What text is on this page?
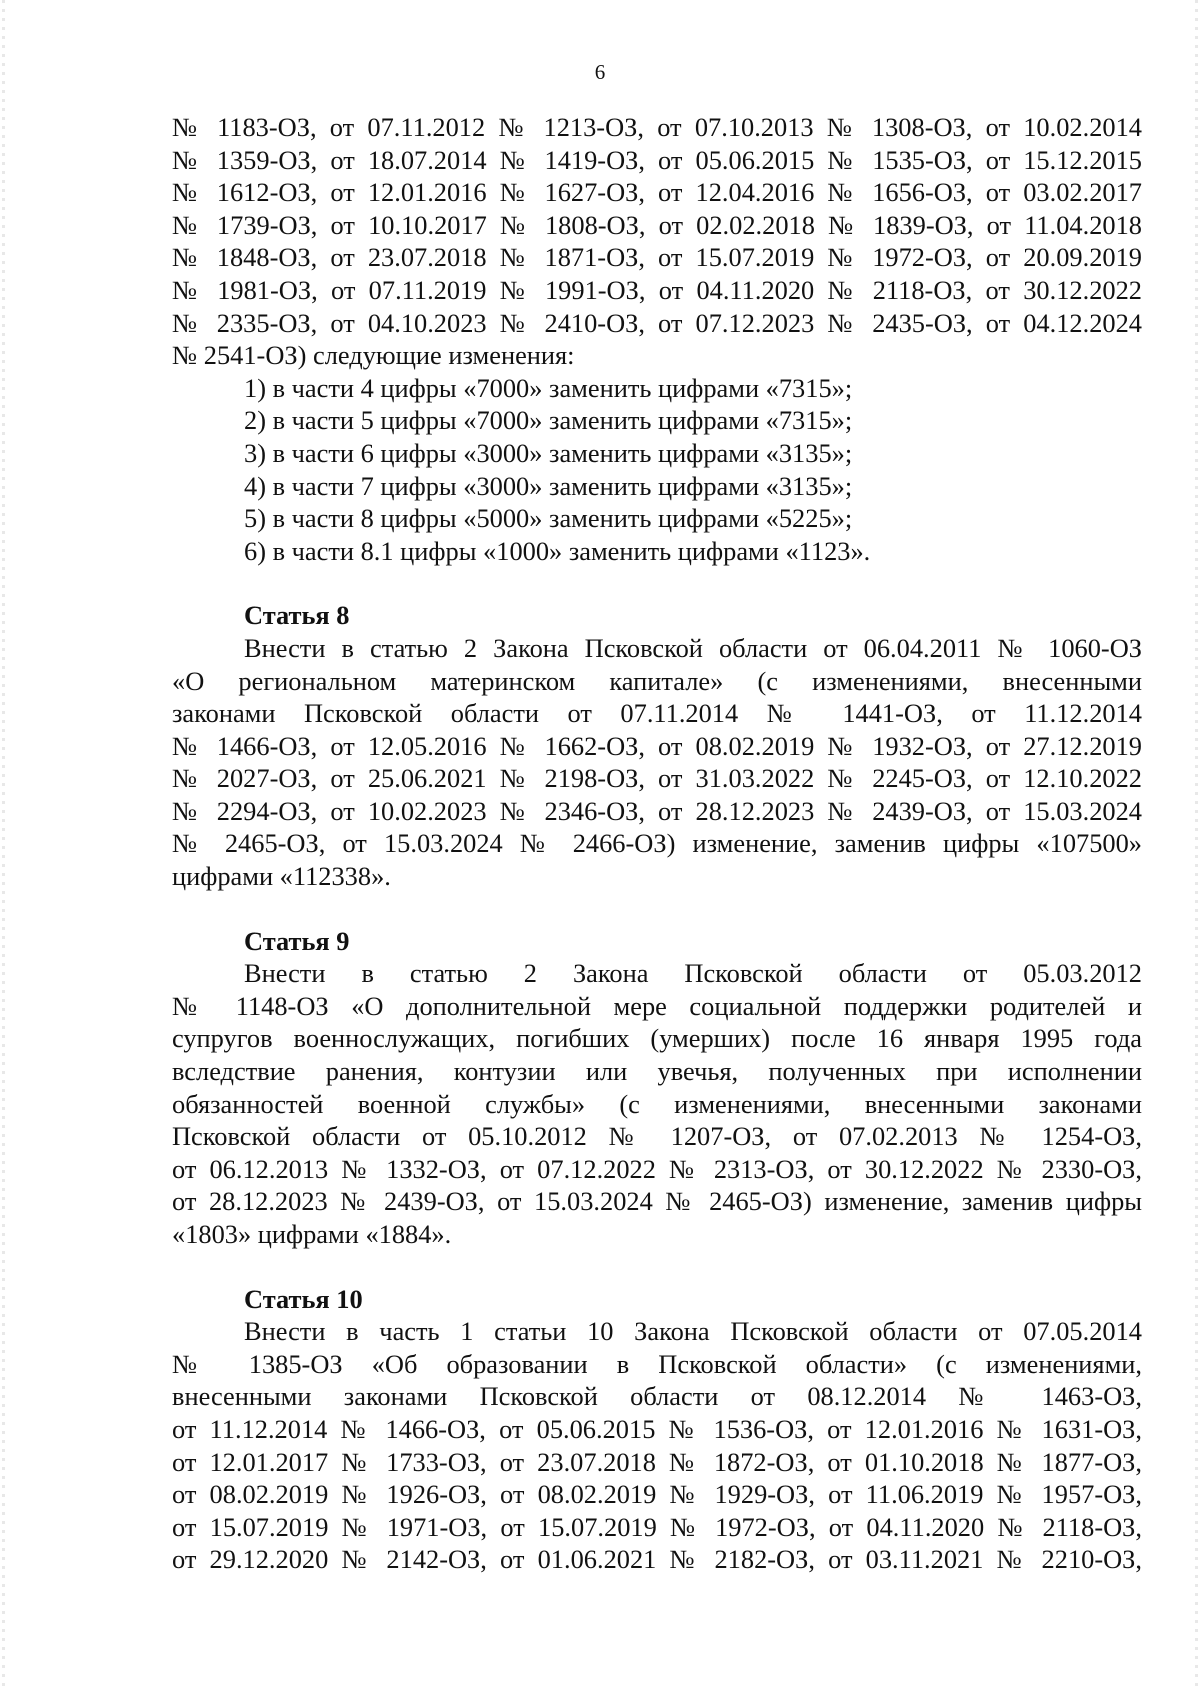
6
№ 1183-ОЗ, от 07.11.2012 № 1213-ОЗ, от 07.10.2013 № 1308-ОЗ, от 10.02.2014
№ 1359-ОЗ, от 18.07.2014 № 1419-ОЗ, от 05.06.2015 № 1535-ОЗ, от 15.12.2015
№ 1612-ОЗ, от 12.01.2016 № 1627-ОЗ, от 12.04.2016 № 1656-ОЗ, от 03.02.2017
№ 1739-ОЗ, от 10.10.2017 № 1808-ОЗ, от 02.02.2018 № 1839-ОЗ, от 11.04.2018
№ 1848-ОЗ, от 23.07.2018 № 1871-ОЗ, от 15.07.2019 № 1972-ОЗ, от 20.09.2019
№ 1981-ОЗ, от 07.11.2019 № 1991-ОЗ, от 04.11.2020 № 2118-ОЗ, от 30.12.2022
№ 2335-ОЗ, от 04.10.2023 № 2410-ОЗ, от 07.12.2023 № 2435-ОЗ, от 04.12.2024
№ 2541-ОЗ) следующие изменения:
1) в части 4 цифры «7000» заменить цифрами «7315»;
2) в части 5 цифры «7000» заменить цифрами «7315»;
3) в части 6 цифры «3000» заменить цифрами «3135»;
4) в части 7 цифры «3000» заменить цифрами «3135»;
5) в части 8 цифры «5000» заменить цифрами «5225»;
6) в части 8.1 цифры «1000» заменить цифрами «1123».
Статья 8
Внести в статью 2 Закона Псковской области от 06.04.2011 № 1060-ОЗ
«О региональном материнском капитале» (с изменениями, внесенными
законами Псковской области от 07.11.2014 № 1441-ОЗ, от 11.12.2014
№ 1466-ОЗ, от 12.05.2016 № 1662-ОЗ, от 08.02.2019 № 1932-ОЗ, от 27.12.2019
№ 2027-ОЗ, от 25.06.2021 № 2198-ОЗ, от 31.03.2022 № 2245-ОЗ, от 12.10.2022
№ 2294-ОЗ, от 10.02.2023 № 2346-ОЗ, от 28.12.2023 № 2439-ОЗ, от 15.03.2024
№ 2465-ОЗ, от 15.03.2024 № 2466-ОЗ) изменение, заменив цифры «107500»
цифрами «112338».
Статья 9
Внести в статью 2 Закона Псковской области от 05.03.2012
№ 1148-ОЗ «О дополнительной мере социальной поддержки родителей и
супругов военнослужащих, погибших (умерших) после 16 января 1995 года
вследствие ранения, контузии или увечья, полученных при исполнении
обязанностей военной службы» (с изменениями, внесенными законами
Псковской области от 05.10.2012 № 1207-ОЗ, от 07.02.2013 № 1254-ОЗ,
от 06.12.2013 № 1332-ОЗ, от 07.12.2022 № 2313-ОЗ, от 30.12.2022 № 2330-ОЗ,
от 28.12.2023 № 2439-ОЗ, от 15.03.2024 № 2465-ОЗ) изменение, заменив цифры
«1803» цифрами «1884».
Статья 10
Внести в часть 1 статьи 10 Закона Псковской области от 07.05.2014
№ 1385-ОЗ «Об образовании в Псковской области» (с изменениями,
внесенными законами Псковской области от 08.12.2014 № 1463-ОЗ,
от 11.12.2014 № 1466-ОЗ, от 05.06.2015 № 1536-ОЗ, от 12.01.2016 № 1631-ОЗ,
от 12.01.2017 № 1733-ОЗ, от 23.07.2018 № 1872-ОЗ, от 01.10.2018 № 1877-ОЗ,
от 08.02.2019 № 1926-ОЗ, от 08.02.2019 № 1929-ОЗ, от 11.06.2019 № 1957-ОЗ,
от 15.07.2019 № 1971-ОЗ, от 15.07.2019 № 1972-ОЗ, от 04.11.2020 № 2118-ОЗ,
от 29.12.2020 № 2142-ОЗ, от 01.06.2021 № 2182-ОЗ, от 03.11.2021 № 2210-ОЗ,
